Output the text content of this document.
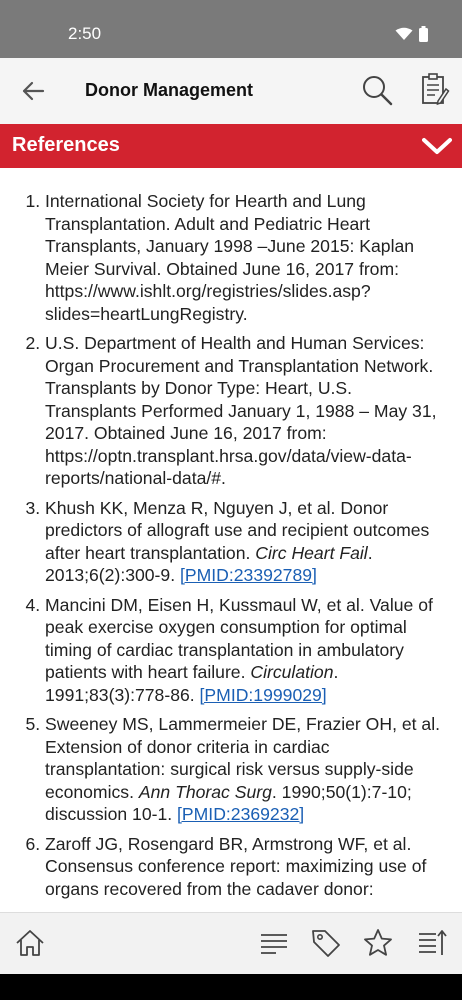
2:50
Donor Management
References
1. International Society for Hearth and Lung Transplantation. Adult and Pediatric Heart Transplants, January 1998 –June 2015: Kaplan Meier Survival. Obtained June 16, 2017 from: https://www.ishlt.org/registries/slides.asp?slides=heartLungRegistry.
2. U.S. Department of Health and Human Services: Organ Procurement and Transplantation Network. Transplants by Donor Type: Heart, U.S. Transplants Performed January 1, 1988 – May 31, 2017. Obtained June 16, 2017 from: https://optn.transplant.hrsa.gov/data/view-data-reports/national-data/#.
3. Khush KK, Menza R, Nguyen J, et al. Donor predictors of allograft use and recipient outcomes after heart transplantation. Circ Heart Fail. 2013;6(2):300-9. [PMID:23392789]
4. Mancini DM, Eisen H, Kussmaul W, et al. Value of peak exercise oxygen consumption for optimal timing of cardiac transplantation in ambulatory patients with heart failure. Circulation. 1991;83(3):778-86. [PMID:1999029]
5. Sweeney MS, Lammermeier DE, Frazier OH, et al. Extension of donor criteria in cardiac transplantation: surgical risk versus supply-side economics. Ann Thorac Surg. 1990;50(1):7-10; discussion 10-1. [PMID:2369232]
6. Zaroff JG, Rosengard BR, Armstrong WF, et al. Consensus conference report: maximizing use of organs recovered from the cadaver donor:
